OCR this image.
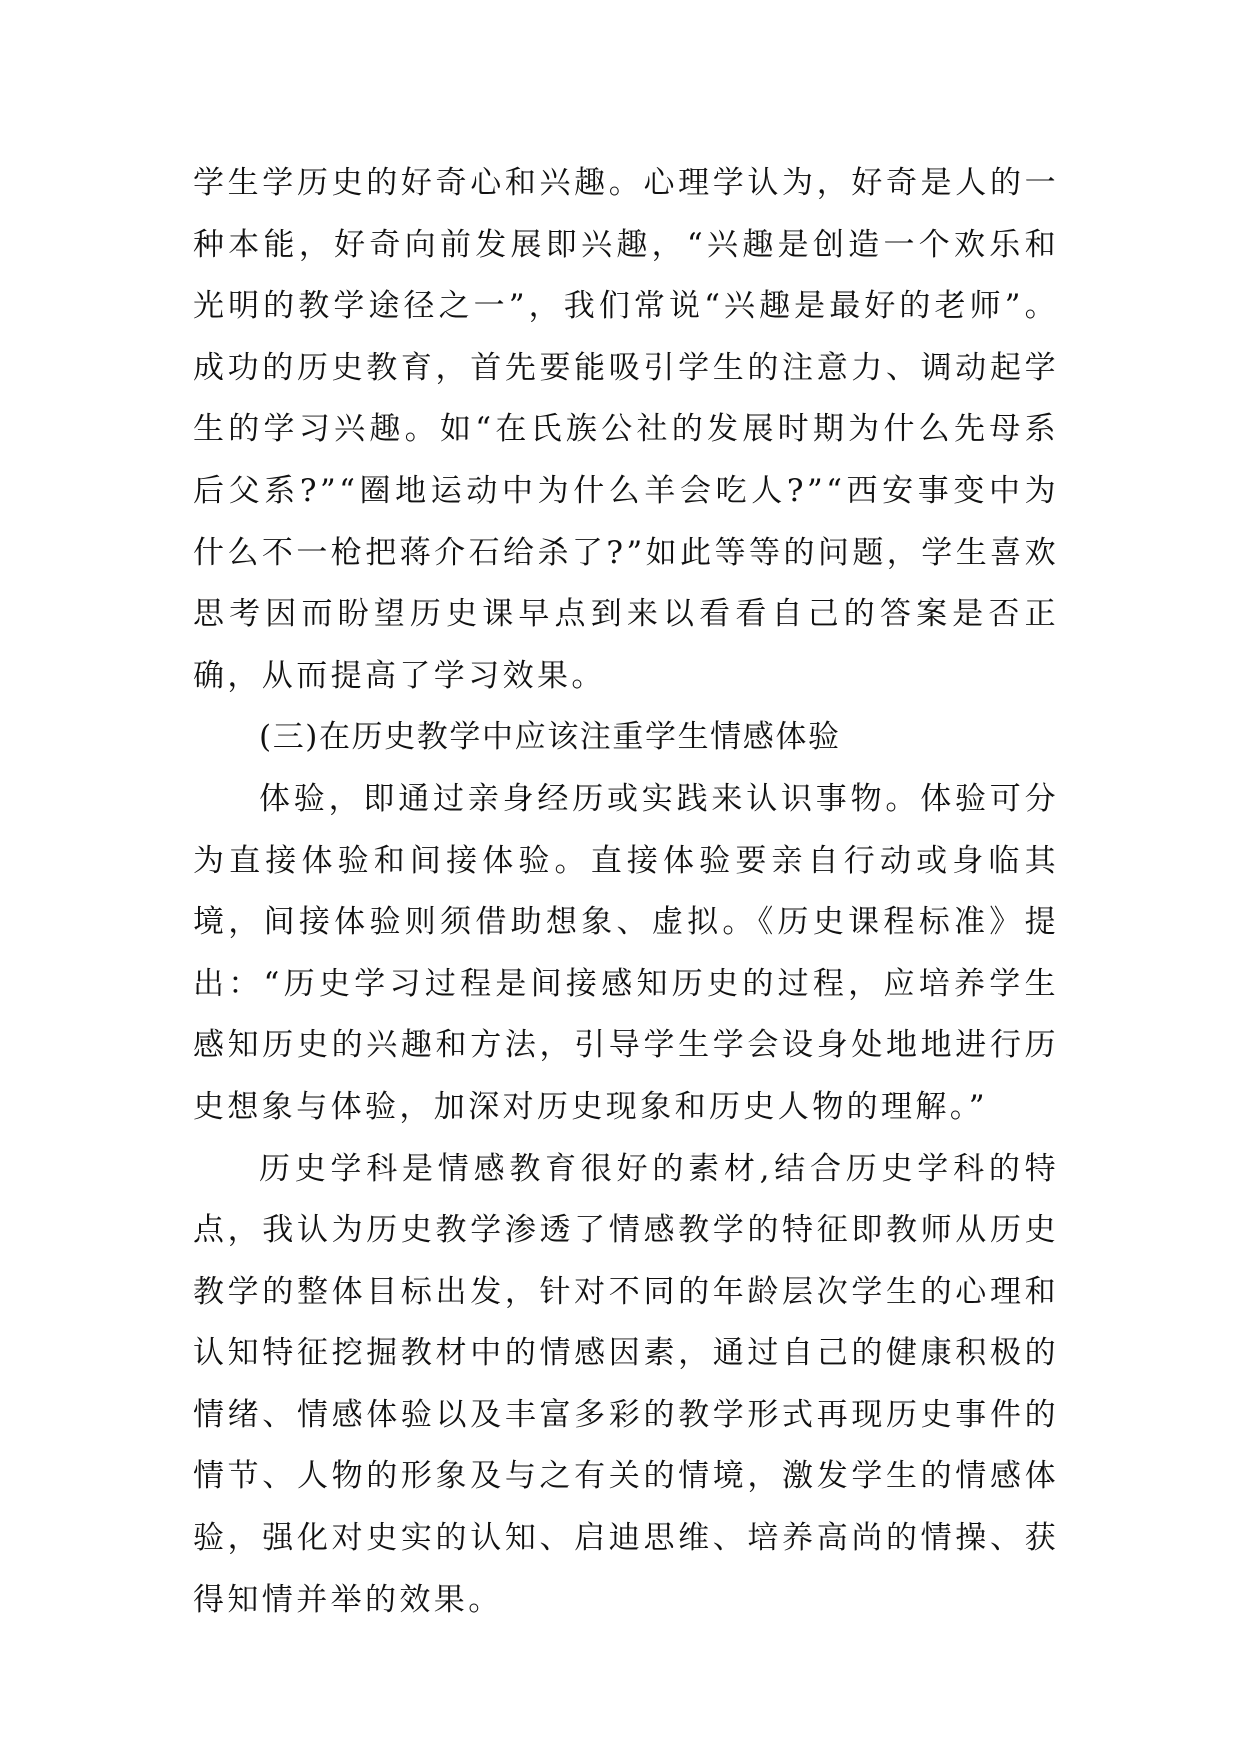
学生学历史的好奇心和兴趣。心理学认为，好奇是人的一种本能，好奇向前发展即兴趣，“兴趣是创造一个欢乐和光明的教学途径之一”，我们常说“兴趣是最好的老师”。成功的历史教育，首先要能吸引学生的注意力、调动起学生的学习兴趣。如“在氏族公社的发展时期为什么先母系后父系?”“圈地运动中为什么羊会吃人?”“西安事变中为什么不一枪把蒋介石给杀了?”如此等等的问题，学生喜欢思考因而盼望历史课早点到来以看看自己的答案是否正确，从而提高了学习效果。

(三)在历史教学中应该注重学生情感体验

体验，即通过亲身经历或实践来认识事物。体验可分为直接体验和间接体验。直接体验要亲自行动或身临其境，间接体验则须借助想象、虚拟。《历史课程标准》提出：“历史学习过程是间接感知历史的过程，应培养学生感知历史的兴趣和方法，引导学生学会设身处地地进行历史想象与体验，加深对历史现象和历史人物的理解。”

历史学科是情感教育很好的素材,结合历史学科的特点，我认为历史教学渗透了情感教学的特征即教师从历史教学的整体目标出发，针对不同的年龄层次学生的心理和认知特征挖掘教材中的情感因素，通过自己的健康积极的情绪、情感体验以及丰富多彩的教学形式再现历史事件的情节、人物的形象及与之有关的情境，激发学生的情感体验，强化对史实的认知、启迪思维、培养高尚的情操、获得知情并举的效果。
